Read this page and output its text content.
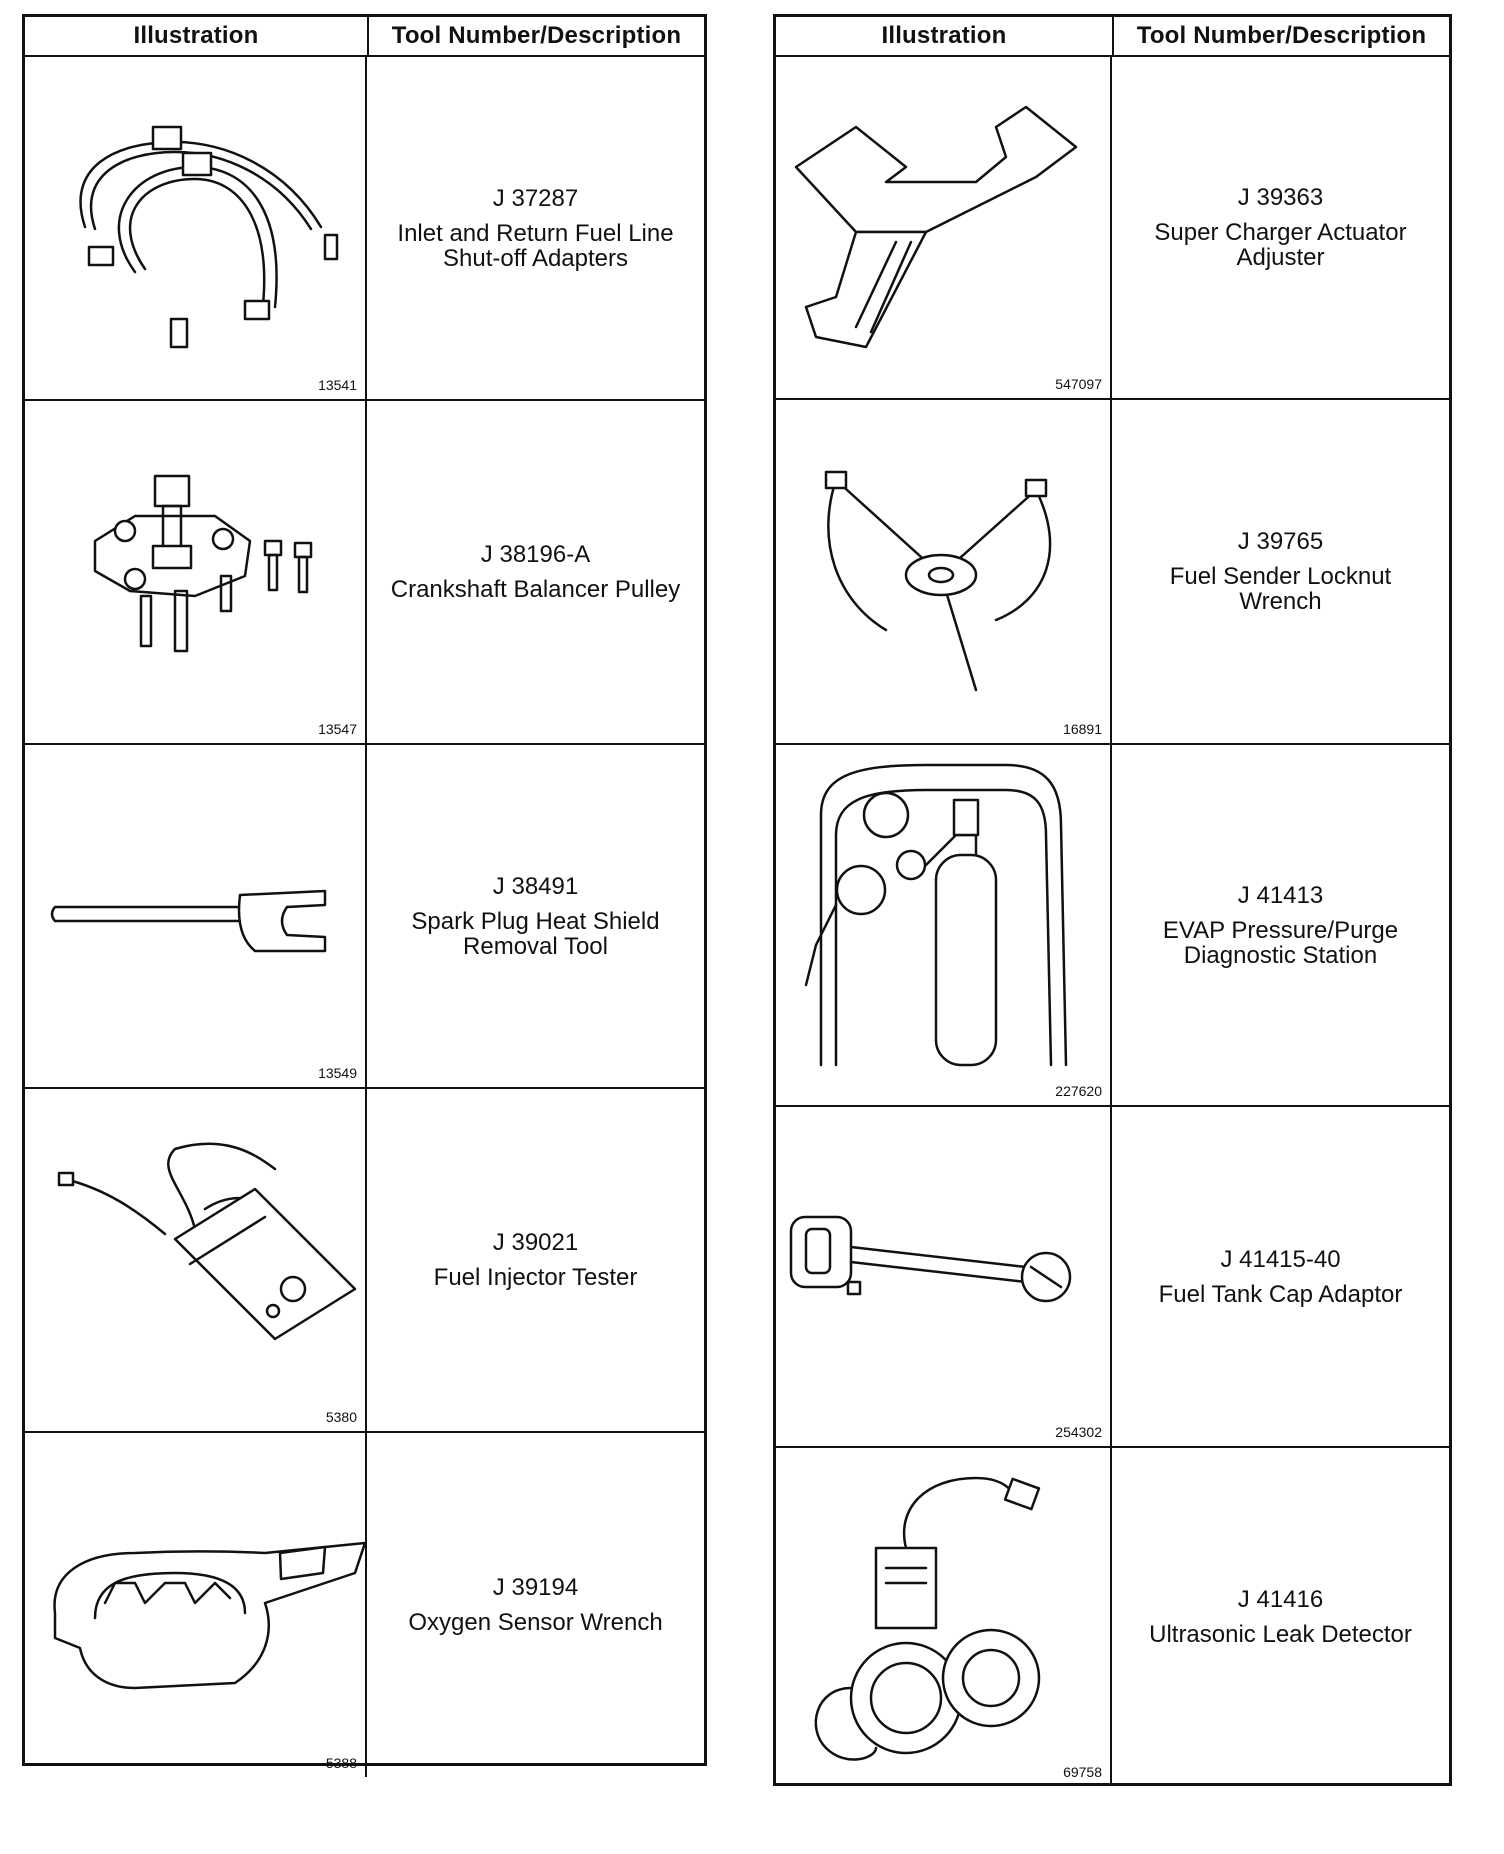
Illustration	Tool Number/Description
13541
J 37287
Inlet and Return Fuel Line
Shut-off Adapters
13547
J 38196-A
Crankshaft Balancer Pulley
13549
J 38491
Spark Plug Heat Shield
Removal Tool
5380
J 39021
Fuel Injector Tester
5388
J 39194
Oxygen Sensor Wrench
Illustration	Tool Number/Description
547097
J 39363
Super Charger Actuator
Adjuster
16891
J 39765
Fuel Sender Locknut
Wrench
227620
J 41413
EVAP Pressure/Purge
Diagnostic Station
254302
J 41415-40
Fuel Tank Cap Adaptor
69758
J 41416
Ultrasonic Leak Detector
